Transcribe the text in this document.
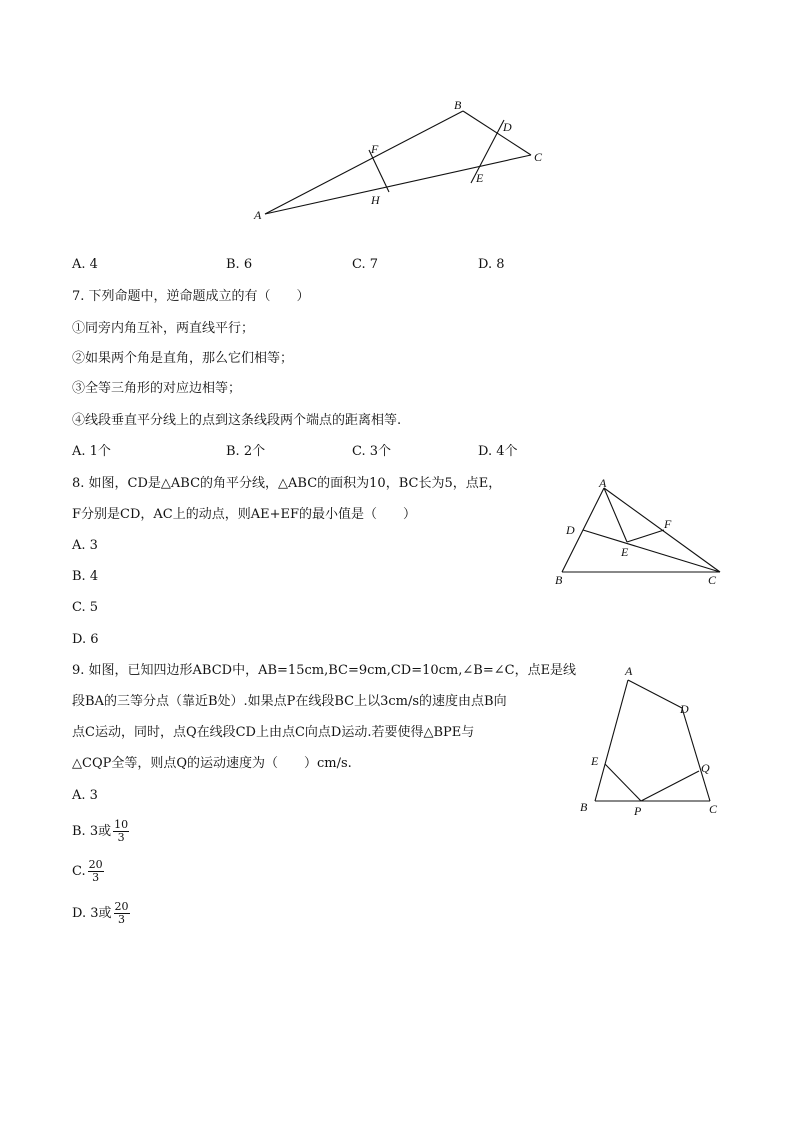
A
B
C
D
E
F
H
A. 4	B. 6	C. 7	D. 8
7. 下列命题中，逆命题成立的有（　　）
①同旁内角互补，两直线平行；
②如果两个角是直角，那么它们相等；
③全等三角形的对应边相等；
④线段垂直平分线上的点到这条线段两个端点的距离相等.
A. 1个	B. 2个	C. 3个	D. 4个
8. 如图，CD是△ABC的角平分线，△ABC的面积为10，BC长为5，点E，
F分别是CD，AC上的动点，则AE+EF的最小值是（　　）
A. 3
B. 4
C. 5
D. 6
A
B	C
D
E
F
9. 如图，已知四边形ABCD中，AB=15cm,BC=9cm,CD=10cm,∠B=∠C，点E是线
段BA的三等分点（靠近B处）.如果点P在线段BC上以3cm/s的速度由点B向
点C运动，同时，点Q在线段CD上由点C向点D运动.若要使得△BPE与
△CQP全等，则点Q的运动速度为（　　）cm/s.
A. 3
B. 3或 $\frac{10}{3}$
C. $\frac{20}{3}$
D. 3或 $\frac{20}{3}$
A
B	C
D
E
P
Q
